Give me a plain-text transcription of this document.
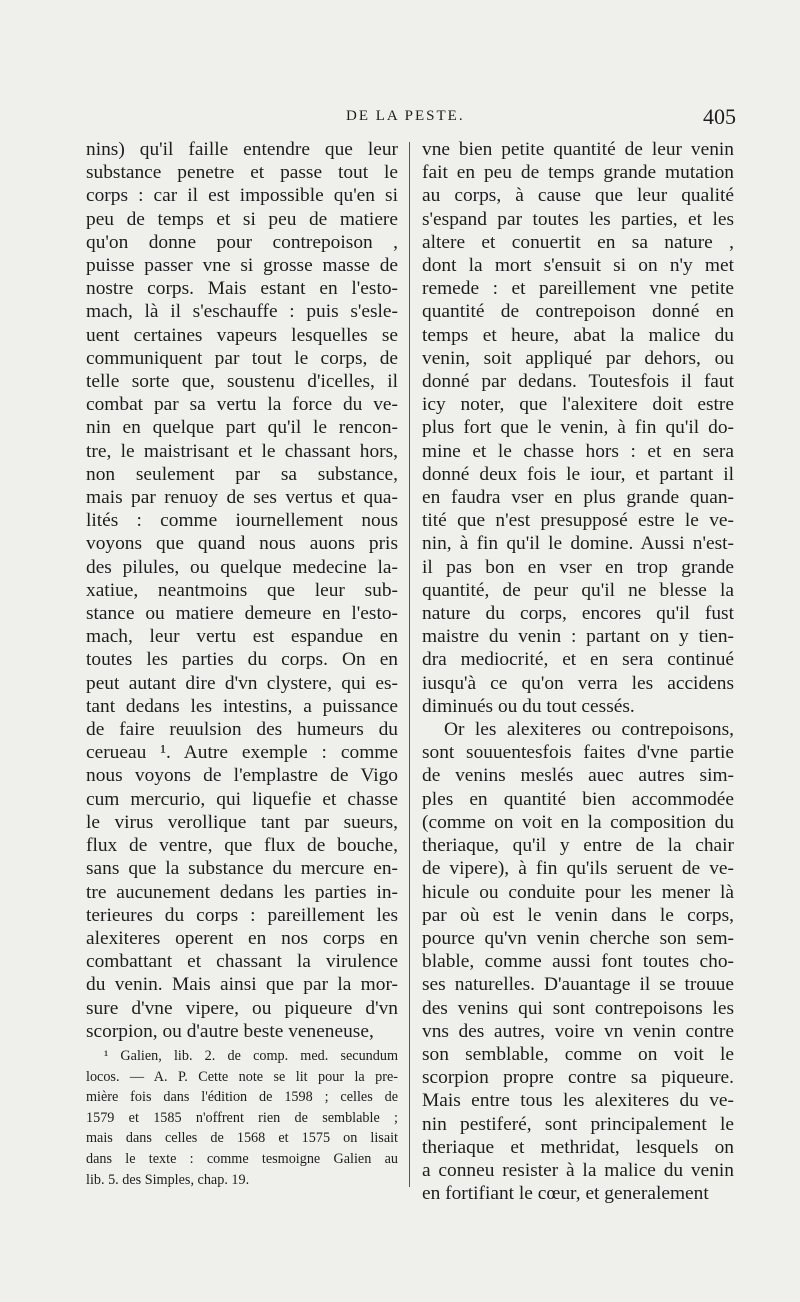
DE LA PESTE.	405
nins) qu'il faille entendre que leur
substance penetre et passe tout le
corps : car il est impossible qu'en si
peu de temps et si peu de matiere
qu'on donne pour contrepoison ,
puisse passer vne si grosse masse de
nostre corps. Mais estant en l'esto-
mach, là il s'eschauffe : puis s'esle-
uent certaines vapeurs lesquelles se
communiquent par tout le corps, de
telle sorte que, soustenu d'icelles, il
combat par sa vertu la force du ve-
nin en quelque part qu'il le rencon-
tre, le maistrisant et le chassant hors,
non seulement par sa substance,
mais par renuoy de ses vertus et qua-
lités : comme iournellement nous
voyons que quand nous auons pris
des pilules, ou quelque medecine la-
xatiue, neantmoins que leur sub-
stance ou matiere demeure en l'esto-
mach, leur vertu est espandue en
toutes les parties du corps. On en
peut autant dire d'vn clystere, qui es-
tant dedans les intestins, a puissance
de faire reuulsion des humeurs du
cerueau ¹. Autre exemple : comme
nous voyons de l'emplastre de Vigo
cum mercurio, qui liquefie et chasse
le virus verollique tant par sueurs,
flux de ventre, que flux de bouche,
sans que la substance du mercure en-
tre aucunement dedans les parties in-
terieures du corps : pareillement les
alexiteres operent en nos corps en
combattant et chassant la virulence
du venin. Mais ainsi que par la mor-
sure d'vne vipere, ou piqueure d'vn
scorpion, ou d'autre beste veneneuse,
vne bien petite quantité de leur venin
fait en peu de temps grande mutation
au corps, à cause que leur qualité
s'espand par toutes les parties, et les
altere et conuertit en sa nature ,
dont la mort s'ensuit si on n'y met
remede : et pareillement vne petite
quantité de contrepoison donné en
temps et heure, abat la malice du
venin, soit appliqué par dehors, ou
donné par dedans. Toutesfois il faut
icy noter, que l'alexitere doit estre
plus fort que le venin, à fin qu'il do-
mine et le chasse hors : et en sera
donné deux fois le iour, et partant il
en faudra vser en plus grande quan-
tité que n'est presupposé estre le ve-
nin, à fin qu'il le domine. Aussi n'est-
il pas bon en vser en trop grande
quantité, de peur qu'il ne blesse la
nature du corps, encores qu'il fust
maistre du venin : partant on y tien-
dra mediocrité, et en sera continué
iusqu'à ce qu'on verra les accidens
diminués ou du tout cessés.
Or les alexiteres ou contrepoisons,
sont souuentesfois faites d'vne partie
de venins meslés auec autres sim-
ples en quantité bien accommodée
(comme on voit en la composition du
theriaque, qu'il y entre de la chair
de vipere), à fin qu'ils seruent de ve-
hicule ou conduite pour les mener là
par où est le venin dans le corps,
pource qu'vn venin cherche son sem-
blable, comme aussi font toutes cho-
ses naturelles. D'auantage il se trouue
des venins qui sont contrepoisons les
vns des autres, voire vn venin contre
son semblable, comme on voit le
scorpion propre contre sa piqueure.
Mais entre tous les alexiteres du ve-
nin pestiferé, sont principalement le
theriaque et methridat, lesquels on
a conneu resister à la malice du venin
en fortifiant le cœur, et generalement
¹ Galien, lib. 2. de comp. med. secundum
locos. — A. P. Cette note se lit pour la pre-
mière fois dans l'édition de 1598 ; celles de
1579 et 1585 n'offrent rien de semblable ;
mais dans celles de 1568 et 1575 on lisait
dans le texte : comme tesmoigne Galien au
lib. 5. des Simples, chap. 19.
